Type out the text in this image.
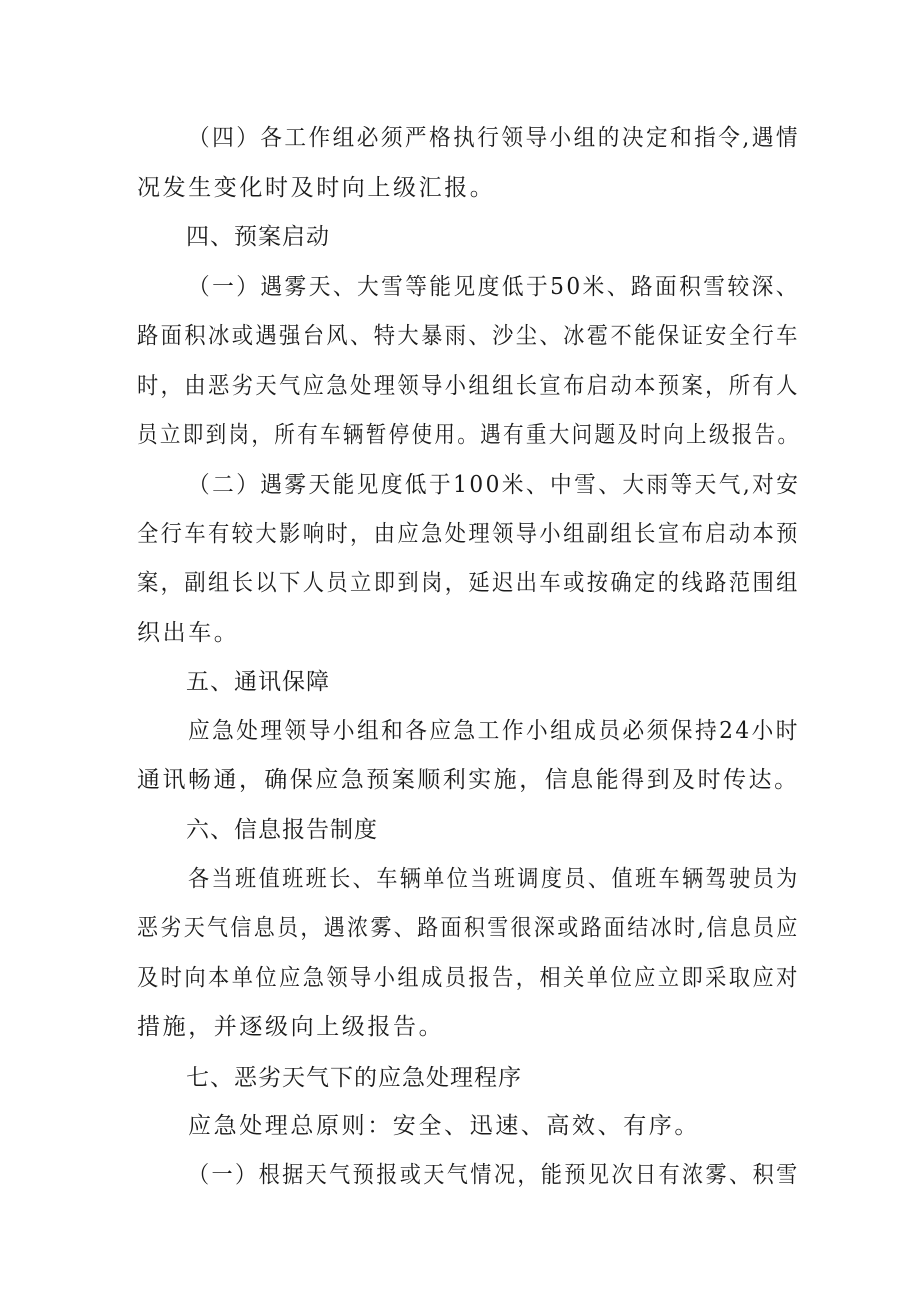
（四）各工作组必须严格执行领导小组的决定和指令,遇情
况发生变化时及时向上级汇报。
四、预案启动
（一）遇雾天、大雪等能见度低于50米、路面积雪较深、
路面积冰或遇强台风、特大暴雨、沙尘、冰雹不能保证安全行车
时，由恶劣天气应急处理领导小组组长宣布启动本预案，所有人
员立即到岗，所有车辆暂停使用。遇有重大问题及时向上级报告。
（二）遇雾天能见度低于100米、中雪、大雨等天气,对安
全行车有较大影响时，由应急处理领导小组副组长宣布启动本预
案，副组长以下人员立即到岗，延迟出车或按确定的线路范围组
织出车。
五、通讯保障
应急处理领导小组和各应急工作小组成员必须保持24小时
通讯畅通，确保应急预案顺利实施，信息能得到及时传达。
六、信息报告制度
各当班值班班长、车辆单位当班调度员、值班车辆驾驶员为
恶劣天气信息员，遇浓雾、路面积雪很深或路面结冰时,信息员应
及时向本单位应急领导小组成员报告，相关单位应立即采取应对
措施，并逐级向上级报告。
七、恶劣天气下的应急处理程序
应急处理总原则：安全、迅速、高效、有序。
（一）根据天气预报或天气情况，能预见次日有浓雾、积雪
